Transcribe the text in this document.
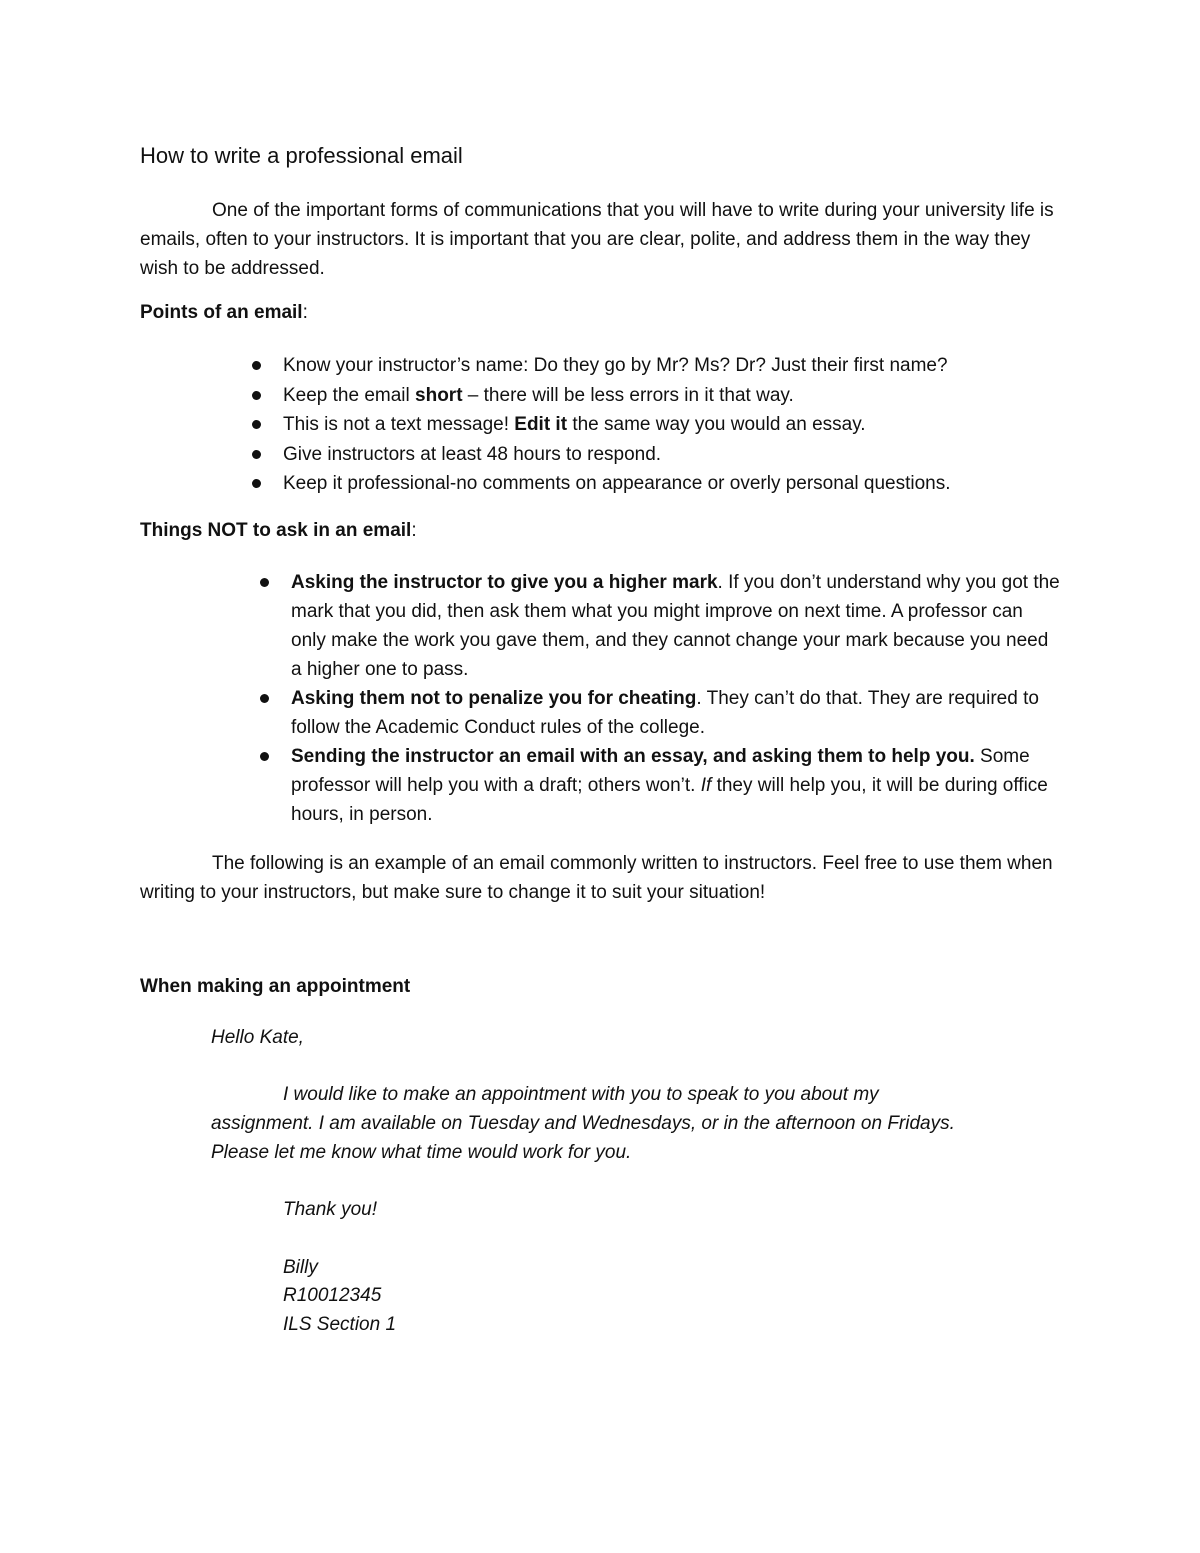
How to write a professional email
One of the important forms of communications that you will have to write during your university life is emails, often to your instructors. It is important that you are clear, polite, and address them in the way they wish to be addressed.
Points of an email:
Know your instructor’s name: Do they go by Mr? Ms? Dr? Just their first name?
Keep the email short – there will be less errors in it that way.
This is not a text message! Edit it the same way you would an essay.
Give instructors at least 48 hours to respond.
Keep it professional-no comments on appearance or overly personal questions.
Things NOT to ask in an email:
Asking the instructor to give you a higher mark. If you don’t understand why you got the mark that you did, then ask them what you might improve on next time. A professor can only make the work you gave them, and they cannot change your mark because you need a higher one to pass.
Asking them not to penalize you for cheating. They can’t do that. They are required to follow the Academic Conduct rules of the college.
Sending the instructor an email with an essay, and asking them to help you. Some professor will help you with a draft; others won’t. If they will help you, it will be during office hours, in person.
The following is an example of an email commonly written to instructors. Feel free to use them when writing to your instructors, but make sure to change it to suit your situation!
When making an appointment
Hello Kate,
I would like to make an appointment with you to speak to you about my assignment. I am available on Tuesday and Wednesdays, or in the afternoon on Fridays. Please let me know what time would work for you.
Thank you!
Billy
R10012345
ILS Section 1
